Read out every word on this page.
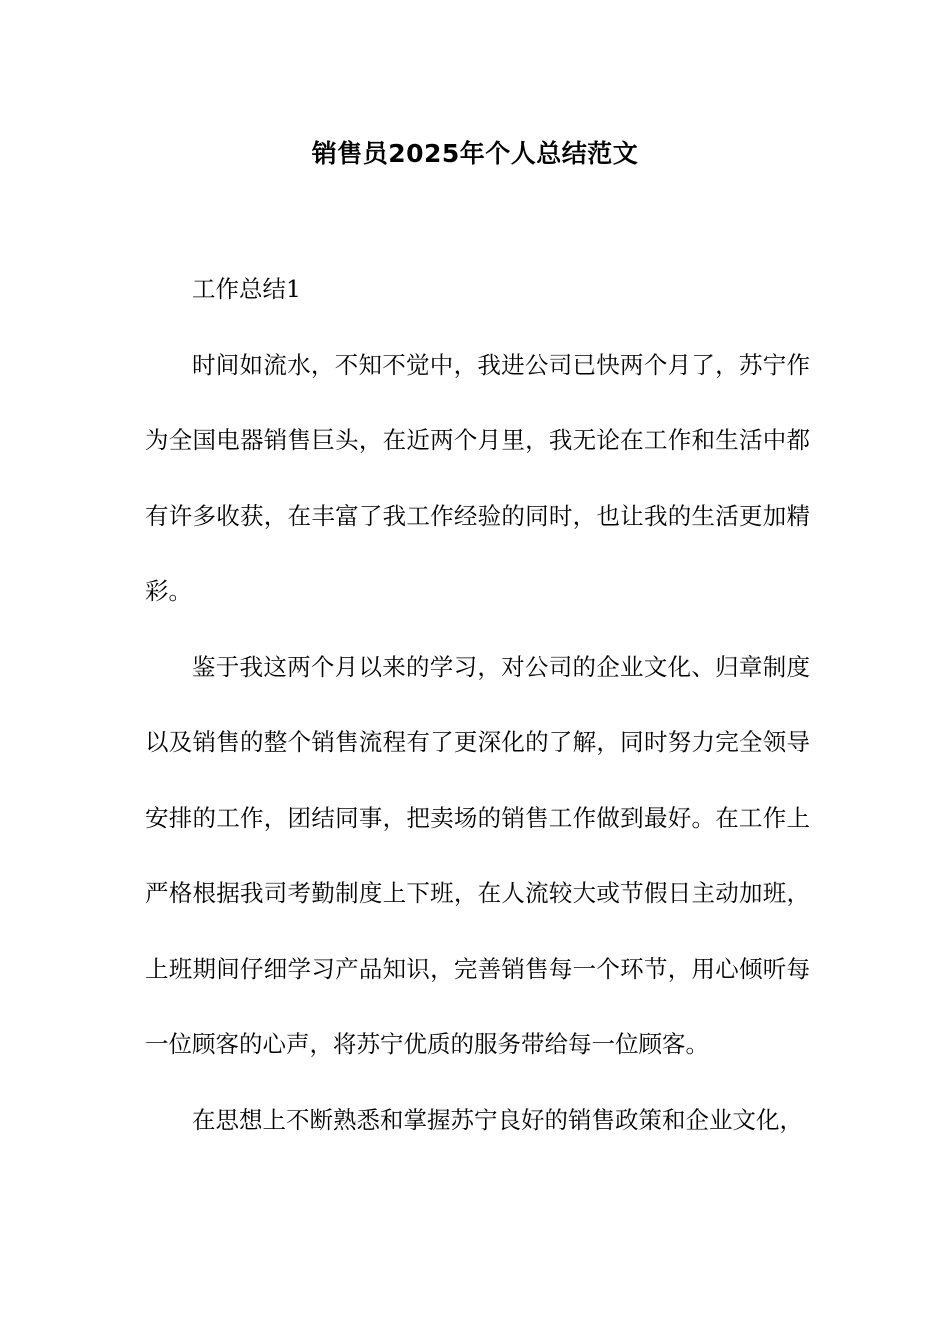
销售员2025年个人总结范文

工作总结1

时间如流水，不知不觉中，我进公司已快两个月了，苏宁作为全国电器销售巨头，在近两个月里，我无论在工作和生活中都有许多收获，在丰富了我工作经验的同时，也让我的生活更加精彩。

鉴于我这两个月以来的学习，对公司的企业文化、归章制度以及销售的整个销售流程有了更深化的了解，同时努力完全领导安排的工作，团结同事，把卖场的销售工作做到最好。在工作上严格根据我司考勤制度上下班，在人流较大或节假日主动加班，上班期间仔细学习产品知识，完善销售每一个环节，用心倾听每一位顾客的心声，将苏宁优质的服务带给每一位顾客。

在思想上不断熟悉和掌握苏宁良好的销售政策和企业文化，
